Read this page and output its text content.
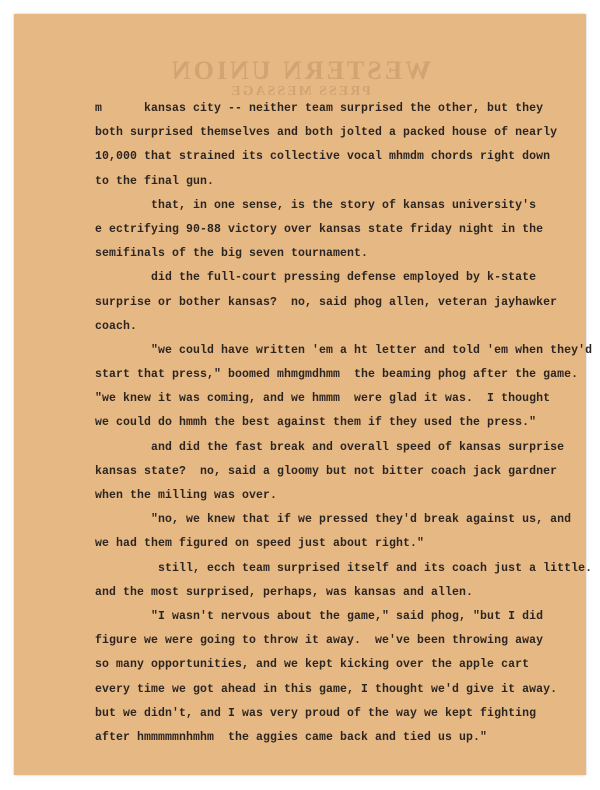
WESTERN UNION
PRESS MESSAGE
m      kansas city -- neither team surprised the other, but they
both surprised themselves and both jolted a packed house of nearly
10,000 that strained its collective vocal mhmdm chords right down
to the final gun.
that, in one sense, is the story of kansas university's
e ectrifying 90-88 victory over kansas state friday night in the
semifinals of the big seven tournament.
did the full-court pressing defense employed by k-state
surprise or bother kansas?  no, said phog allen, veteran jayhawker
coach.
"we could have written 'em a ht letter and told 'em when they'd
start that press," boomed mhmgmdhmm  the beaming phog after the game.
"we knew it was coming, and we hmmm  were glad it was.  I thought
we could do hmmh the best against them if they used the press."
and did the fast break and overall speed of kansas surprise
kansas state?  no, said a gloomy but not bitter coach jack gardner
when the milling was over.
"no, we knew that if we pressed they'd break against us, and
we had them figured on speed just about right."
still, ecch team surprised itself and its coach just a little.
and the most surprised, perhaps, was kansas and allen.
"I wasn't nervous about the game," said phog, "but I did
figure we were going to throw it away.  we've been throwing away
so many opportunities, and we kept kicking over the apple cart
every time we got ahead in this game, I thought we'd give it away.
but we didn't, and I was very proud of the way we kept fighting
after hmmmmmnhmhm  the aggies came back and tied us up."
